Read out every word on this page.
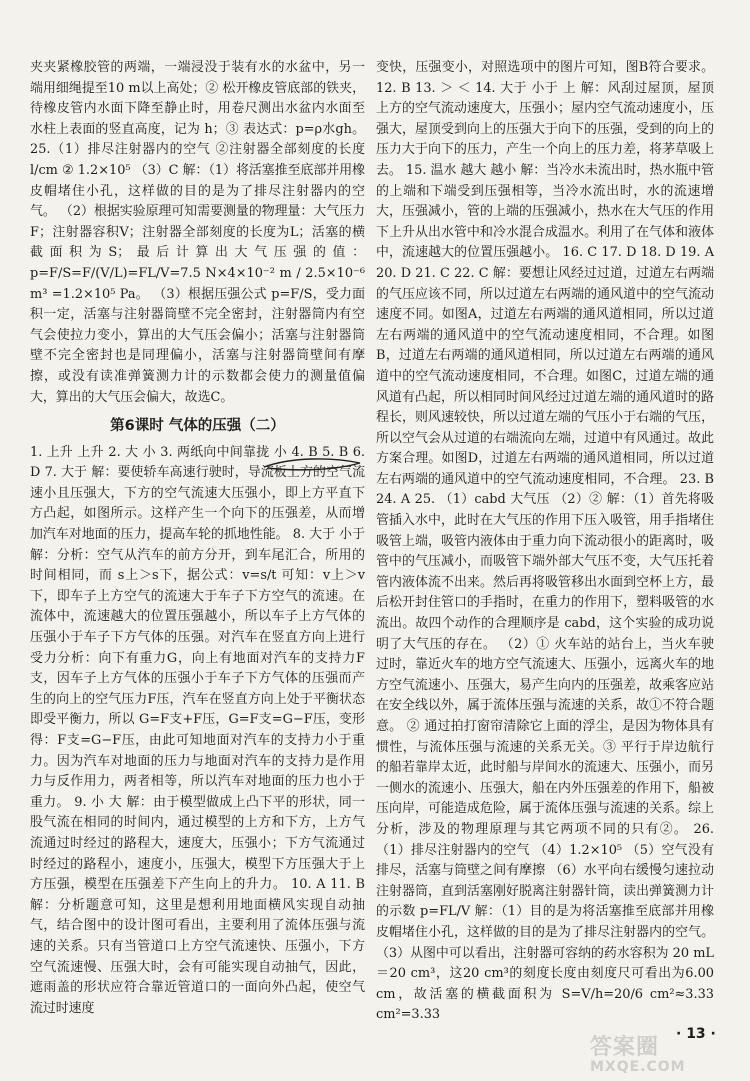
夹夹紧橡胶管的两端，一端浸没于装有水的水盆中，另一端用细绳提至10 m以上高处；② 松开橡皮管底部的铁夹，待橡皮管内水面下降至静止时，用卷尺测出水盆内水面至水柱上表面的竖直高度，记为 h；③ 表达式：p=ρ水gh。 25.（1）排尽注射器内的空气 ②注射器全部刻度的长度l/cm ② 1.2×10⁵ （3）C 解：（1）将活塞推至底部并用橡皮帽堵住小孔，这样做的目的是为了排尽注射器内的空气。 （2）根据实验原理可知需要测量的物理量：大气压力F；注射器容积V；注射器全部刻度的长度为L；活塞的横截面积为S；最后计算出大气压强的值：p=F/S=F/(V/L)=FL/V=7.5 N×4×10⁻² m / 2.5×10⁻⁶ m³ =1.2×10⁵ Pa。 （3）根据压强公式 p=F/S，受力面积一定，活塞与注射器筒壁不完全密封，注射器筒内有空气会使拉力变小，算出的大气压会偏小；活塞与注射器筒壁不完全密封也是同理偏小，活塞与注射器筒壁间有摩擦，或没有读准弹簧测力计的示数都会使力的测量值偏大，算出的大气压会偏大，故选C。

第6课时 气体的压强（二）

1. 上升 上升 2. 大 小 3. 两纸向中间靠拢 小 4. B 5. B 6. D 7. 大于 解：要使轿车高速行驶时，导流板上方的空气流速小且压强大，下方的空气流速大压强小，即上方平直下方凸起，如图所示。这样产生一个向下的压强差，从而增加汽车对地面的压力，提高车轮的抓地性能。 8. 大于 小于 解：分析：空气从汽车的前方分开，到车尾汇合，所用的时间相同，而 s上＞s下，据公式：v=s/t 可知：v上＞v下，即车子上方空气的流速大于车子下方空气的流速。在流体中，流速越大的位置压强越小，所以车子上方气体的压强小于车子下方气体的压强。对汽车在竖直方向上进行受力分析：向下有重力G，向上有地面对汽车的支持力F支，因车子上方气体的压强小于车子下方气体的压强而产生的向上的空气压力F压，汽车在竖直方向上处于平衡状态即受平衡力，所以 G=F支+F压，G=F支=G−F压，变形得：F支=G−F压，由此可知地面对汽车的支持力小于重力。因为汽车对地面的压力与地面对汽车的支持力是作用力与反作用力，两者相等，所以汽车对地面的压力也小于重力。 9. 小 大 解：由于模型做成上凸下平的形状，同一股气流在相同的时间内，通过模型的上方和下方，上方气流通过时经过的路程大，速度大，压强小；下方气流通过时经过的路程小，速度小，压强大，模型下方压强大于上方压强，模型在压强差下产生向上的升力。 10. A 11. B 解：分析题意可知，这里是想利用地面横风实现自动抽气，结合图中的设计图可看出，主要利用了流体压强与流速的关系。只有当管道口上方空气流速快、压强小，下方空气流速慢、压强大时，会有可能实现自动抽气，因此，遮雨盖的形状应符合靠近管道口的一面向外凸起，使空气流过时速度

变快，压强变小，对照选项中的图片可知，图B符合要求。 12. B 13. ＞ ＜ 14. 大于 小于 上 解：风刮过屋顶，屋顶上方的空气流动速度大，压强小；屋内空气流动速度小，压强大，屋顶受到向上的压强大于向下的压强，受到的向上的压力大于向下的压力，产生一个向上的压力差，将茅草吸上去。 15. 温水 越大 越小 解：当冷水未流出时，热水瓶中管的上端和下端受到压强相等，当冷水流出时，水的流速增大，压强减小，管的上端的压强减小，热水在大气压的作用下上升从出水管中和冷水混合成温水。利用了在气体和液体中，流速越大的位置压强越小。 16. C 17. D 18. D 19. A 20. D 21. C 22. C 解：要想让风经过过道，过道左右两端的气压应该不同，所以过道左右两端的通风道中的空气流动速度不同。如图A，过道左右两端的通风道相同，所以过道左右两端的通风道中的空气流动速度相同，不合理。如图B，过道左右两端的通风道相同，所以过道左右两端的通风道中的空气流动速度相同，不合理。如图C，过道左端的通风道有凸起，所以相同时间风经过过道左端的通风道时的路程长，则风速较快，所以过道左端的气压小于右端的气压，所以空气会从过道的右端流向左端，过道中有风通过。故此方案合理。如图D，过道左右两端的通风道相同，所以过道左右两端的通风道中的空气流动速度相同，不合理。 23. B 24. A 25. （1）cabd 大气压 （2）② 解：（1）首先将吸管插入水中，此时在大气压的作用下压入吸管，用手指堵住吸管上端，吸管内液体由于重力向下流动很小的距离时，吸管中的气压减小，而吸管下端外部大气压不变，大气压托着管内液体流不出来。然后再将吸管移出水面到空杯上方，最后松开封住管口的手指时，在重力的作用下，塑料吸管的水流出。故四个动作的合理顺序是 cabd，这个实验的成功说明了大气压的存在。 （2）① 火车站的站台上，当火车驶过时，靠近火车的地方空气流速大、压强小，远离火车的地方空气流速小、压强大，易产生向内的压强差，故乘客应站在安全线以外，属于流体压强与流速的关系，故①不符合题意。 ② 通过拍打窗帘清除它上面的浮尘，是因为物体具有惯性，与流体压强与流速的关系无关。③ 平行于岸边航行的船若靠岸太近，此时船与岸间水的流速大、压强小，而另一侧水的流速小、压强大，船在内外压强差的作用下，船被压向岸，可能造成危险，属于流体压强与流速的关系。综上分析，涉及的物理原理与其它两项不同的只有②。 26. （1）排尽注射器内的空气 （4）1.2×10⁵ （5）空气没有排尽，活塞与筒壁之间有摩擦 （6）水平向右缓慢匀速拉动注射器筒，直到活塞刚好脱离注射器针筒，读出弹簧测力计的示数 p=FL/V 解：（1）目的是为将活塞推至底部并用橡皮帽堵住小孔，这样做的目的是为了排尽注射器内的空气。 （3）从图中可以看出，注射器可容纳的药水容积为 20 mL＝20 cm³，这20 cm³的刻度长度由刻度尺可看出为6.00 cm，故活塞的横截面积为 S=V/h=20/6 cm²≈3.33 cm²=3.33

· 13 ·
答案圈
MXQE.COM
